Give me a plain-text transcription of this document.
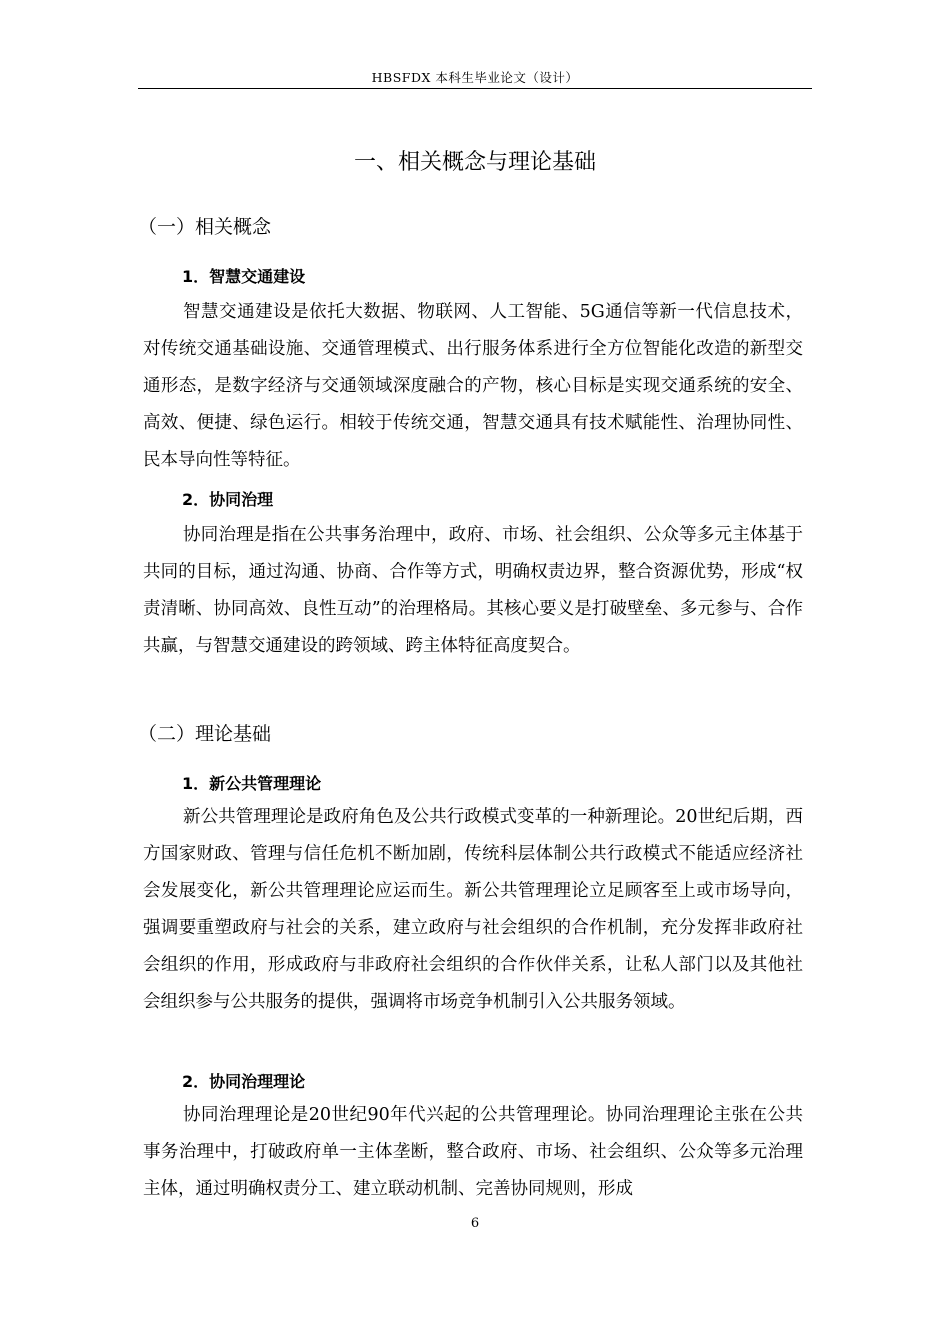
HBSFDX 本科生毕业论文（设计）
一、相关概念与理论基础
（一）相关概念
1．智慧交通建设

智慧交通建设是依托大数据、物联网、人工智能、5G通信等新一代信息技术，对传统交通基础设施、交通管理模式、出行服务体系进行全方位智能化改造的新型交通形态，是数字经济与交通领域深度融合的产物，核心目标是实现交通系统的安全、高效、便捷、绿色运行。相较于传统交通，智慧交通具有技术赋能性、治理协同性、民本导向性等特征。

2．协同治理

协同治理是指在公共事务治理中，政府、市场、社会组织、公众等多元主体基于共同的目标，通过沟通、协商、合作等方式，明确权责边界，整合资源优势，形成“权责清晰、协同高效、良性互动”的治理格局。其核心要义是打破壁垒、多元参与、合作共赢，与智慧交通建设的跨领域、跨主体特征高度契合。

（二）理论基础
1．新公共管理理论

新公共管理理论是政府角色及公共行政模式变革的一种新理论。20世纪后期，西方国家财政、管理与信任危机不断加剧，传统科层体制公共行政模式不能适应经济社会发展变化，新公共管理理论应运而生。新公共管理理论立足顾客至上或市场导向，强调要重塑政府与社会的关系，建立政府与社会组织的合作机制，充分发挥非政府社会组织的作用，形成政府与非政府社会组织的合作伙伴关系，让私人部门以及其他社会组织参与公共服务的提供，强调将市场竞争机制引入公共服务领域。

2．协同治理理论

协同治理理论是20世纪90年代兴起的公共管理理论。协同治理理论主张在公共事务治理中，打破政府单一主体垄断，整合政府、市场、社会组织、公众等多元治理主体，通过明确权责分工、建立联动机制、完善协同规则，形成

6
